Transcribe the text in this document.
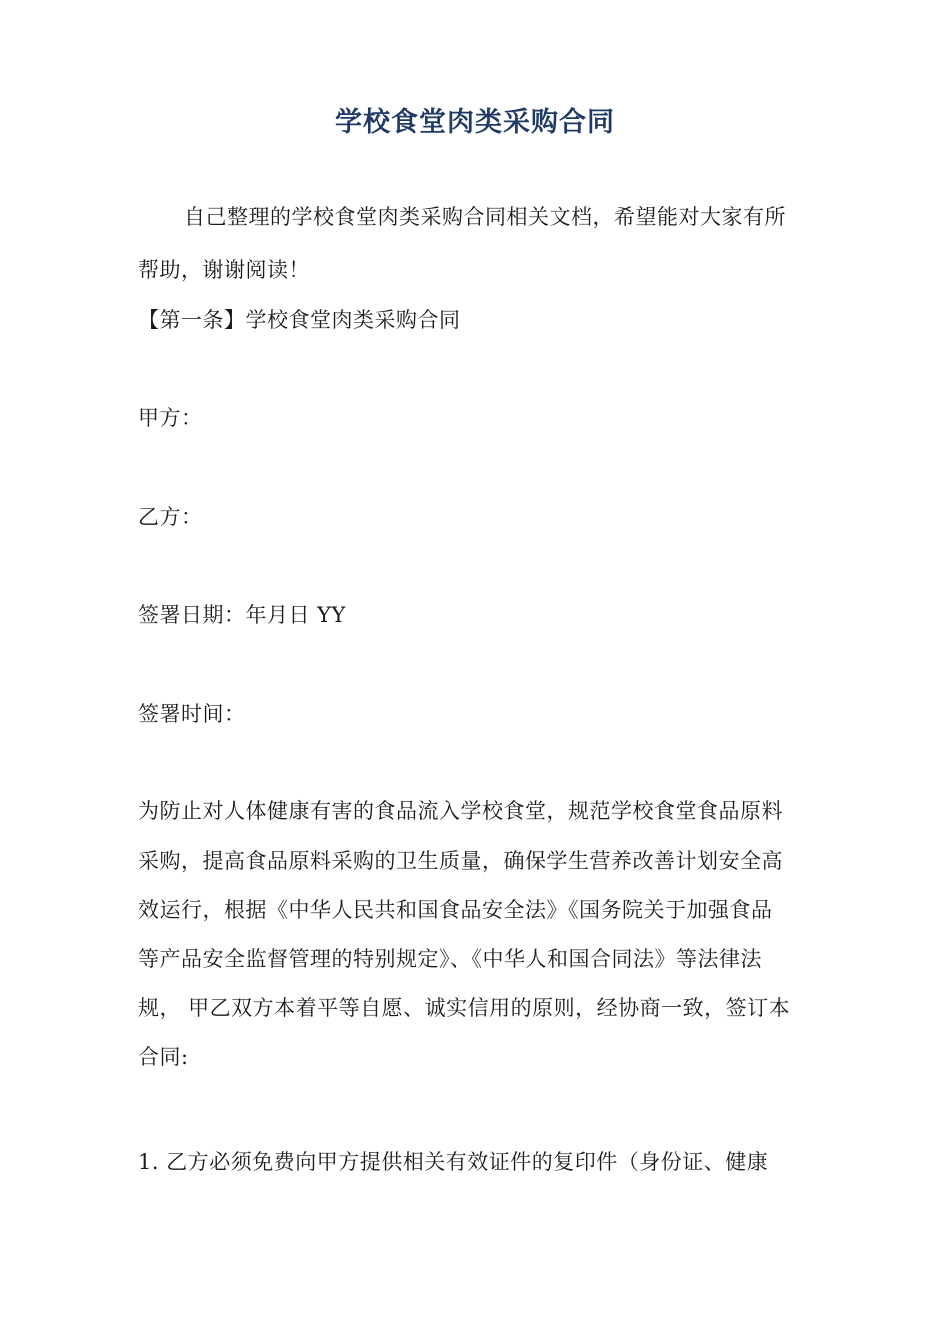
学校食堂肉类采购合同
自己整理的学校食堂肉类采购合同相关文档，希望能对大家有所
帮助，谢谢阅读！
【第一条】学校食堂肉类采购合同
甲方：
乙方：
签署日期：年月日 YY
签署时间：
为防止对人体健康有害的食品流入学校食堂，规范学校食堂食品原料
采购，提高食品原料采购的卫生质量，确保学生营养改善计划安全高
效运行，根据《中华人民共和国食品安全法》《国务院关于加强食品
等产品安全监督管理的特别规定》、《中华人和国合同法》等法律法
规， 甲乙双方本着平等自愿、诚实信用的原则，经协商一致，签订本
合同:
1. 乙方必须免费向甲方提供相关有效证件的复印件（身份证、健康
